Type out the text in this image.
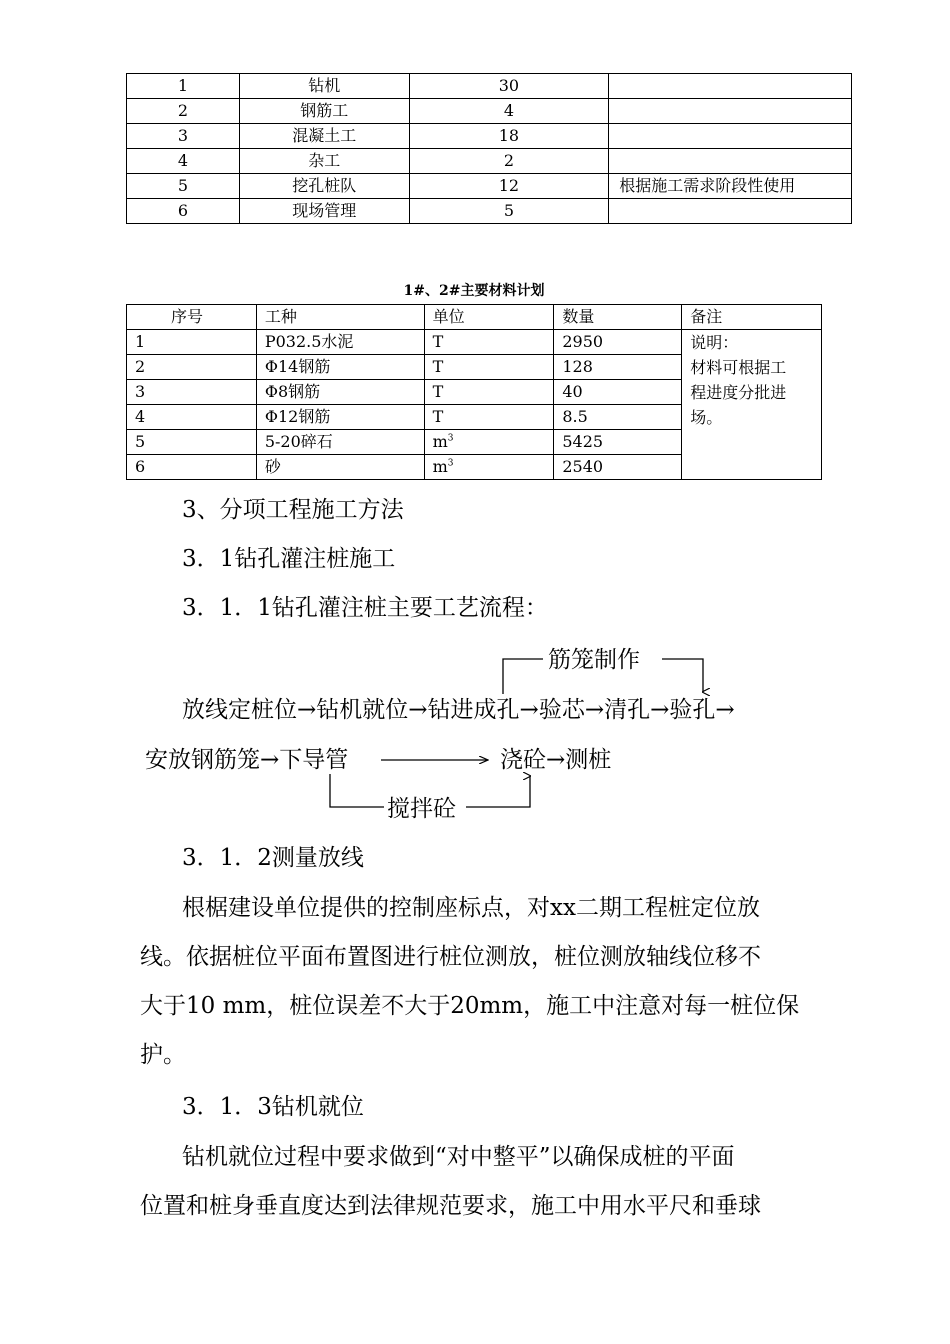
1	钻机	30	
2	钢筋工	4	
3	混凝土工	18	
4	杂工	2	
5	挖孔桩队	12	根据施工需求阶段性使用
6	现场管理	5	
1#、2#主要材料计划
序号	工种	单位	数量	备注
1	P032.5水泥	T	2950	说明：
材料可根据工
程进度分批进
场。

2	Φ14钢筋	T	128	
3	Φ8钢筋	T	40	
4	Φ12钢筋	T	8.5	
5	5-20碎石	$m^3$	5425	
6	砂	$m^3$	2540	

3、分项工程施工方法

3．1钻孔灌注桩施工

3．1．1钻孔灌注桩主要工艺流程：

筋笼制作
放线定桩位→钻机就位→钻进成孔→验芯→清孔→验孔→
安放钢筋笼→下导管	浇砼→测桩
搅拌砼

3．1．2测量放线

根椐建设单位提供的控制座标点，对xx二期工程桩定位放

线。依据桩位平面布置图进行桩位测放，桩位测放轴线位移不

大于10 mm，桩位误差不大于20mm，施工中注意对每一桩位保

护。

3．1．3钻机就位

钻机就位过程中要求做到“对中整平”以确保成桩的平面

位置和桩身垂直度达到法律规范要求，施工中用水平尺和垂球
